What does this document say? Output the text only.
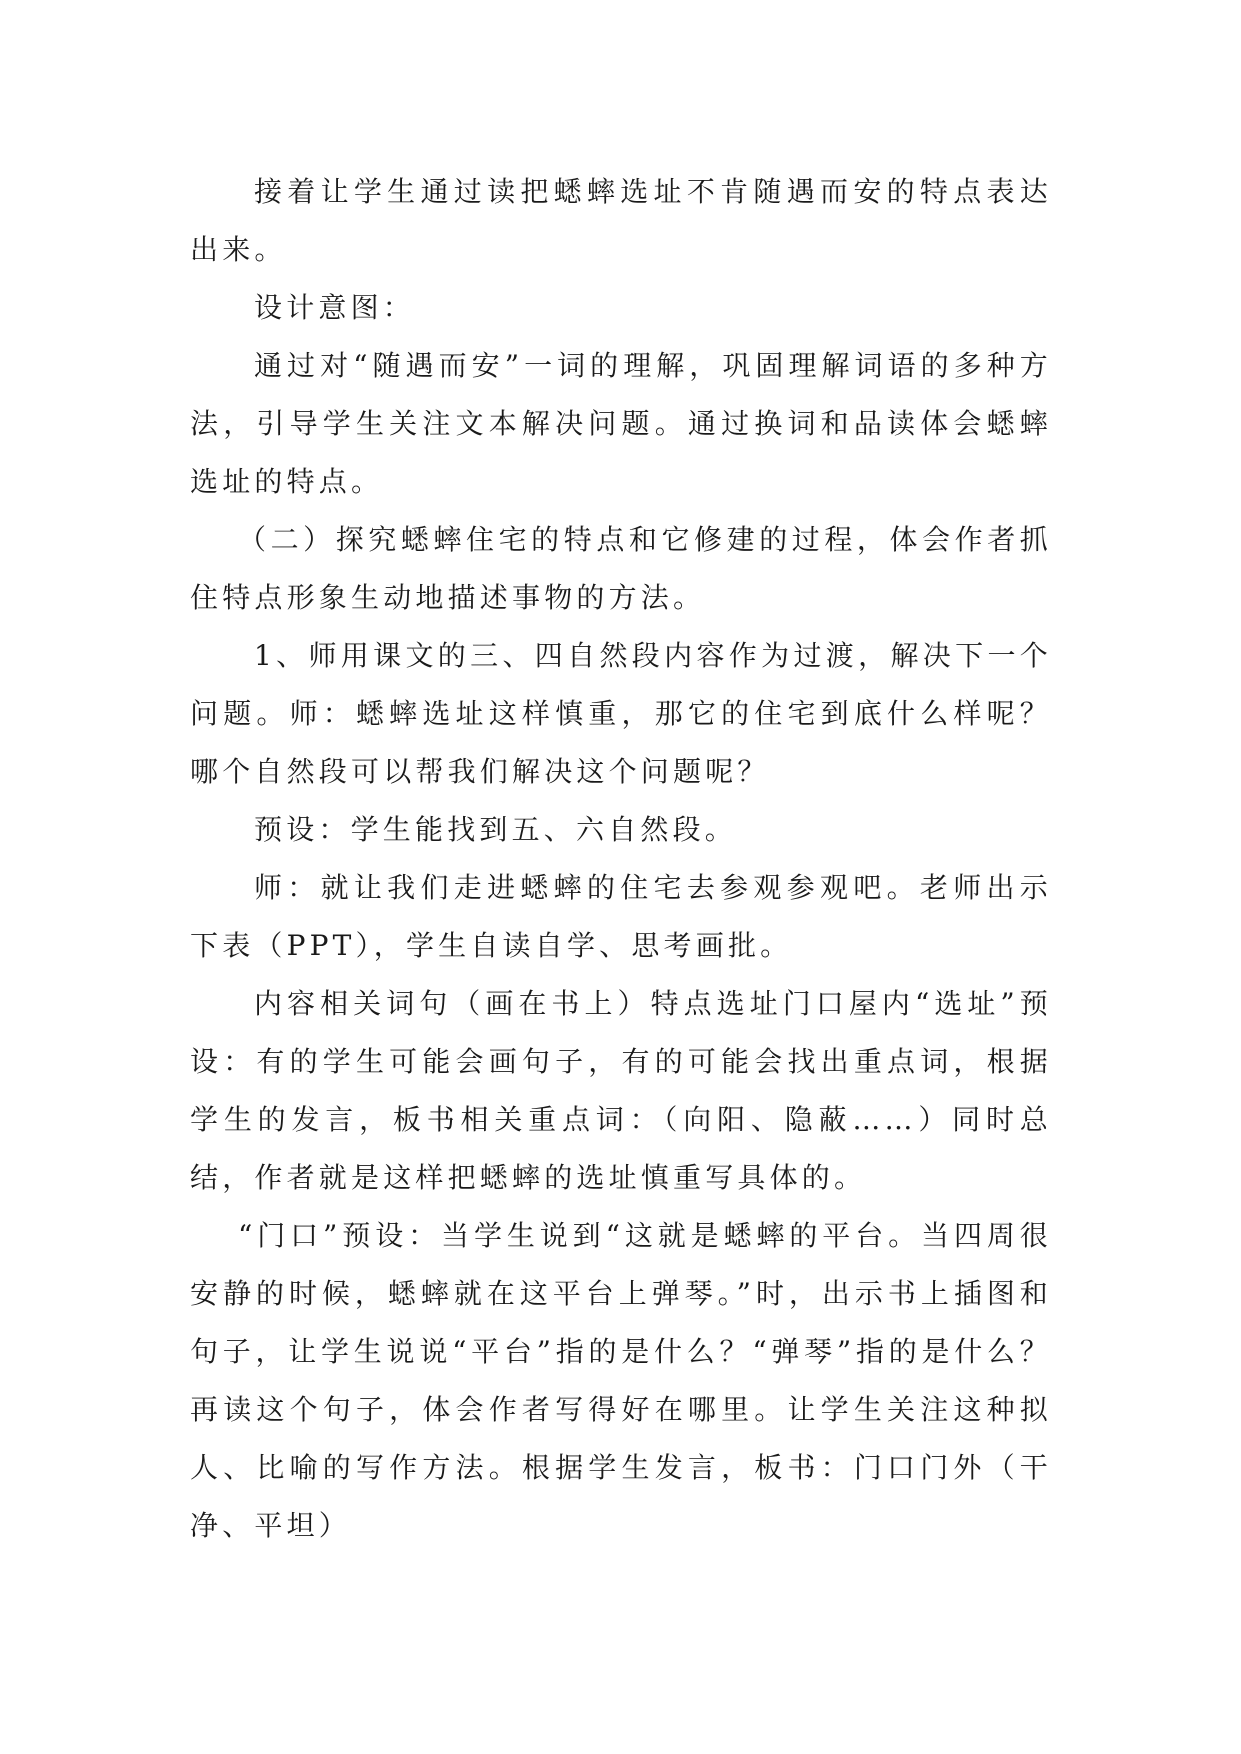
接着让学生通过读把蟋蟀选址不肯随遇而安的特点表达出来。

设计意图：

通过对“随遇而安”一词的理解，巩固理解词语的多种方法，引导学生关注文本解决问题。通过换词和品读体会蟋蟀选址的特点。

（二）探究蟋蟀住宅的特点和它修建的过程，体会作者抓住特点形象生动地描述事物的方法。

1、师用课文的三、四自然段内容作为过渡，解决下一个问题。师：蟋蟀选址这样慎重，那它的住宅到底什么样呢？哪个自然段可以帮我们解决这个问题呢？

预设：学生能找到五、六自然段。

师：就让我们走进蟋蟀的住宅去参观参观吧。老师出示下表（PPT），学生自读自学、思考画批。

内容相关词句（画在书上）特点选址门口屋内“选址”预设：有的学生可能会画句子，有的可能会找出重点词，根据学生的发言，板书相关重点词：（向阳、隐蔽……）同时总结，作者就是这样把蟋蟀的选址慎重写具体的。

“门口”预设：当学生说到“这就是蟋蟀的平台。当四周很安静的时候，蟋蟀就在这平台上弹琴。”时，出示书上插图和句子，让学生说说“平台”指的是什么？“弹琴”指的是什么？再读这个句子，体会作者写得好在哪里。让学生关注这种拟人、比喻的写作方法。根据学生发言，板书：门口门外（干净、平坦）
